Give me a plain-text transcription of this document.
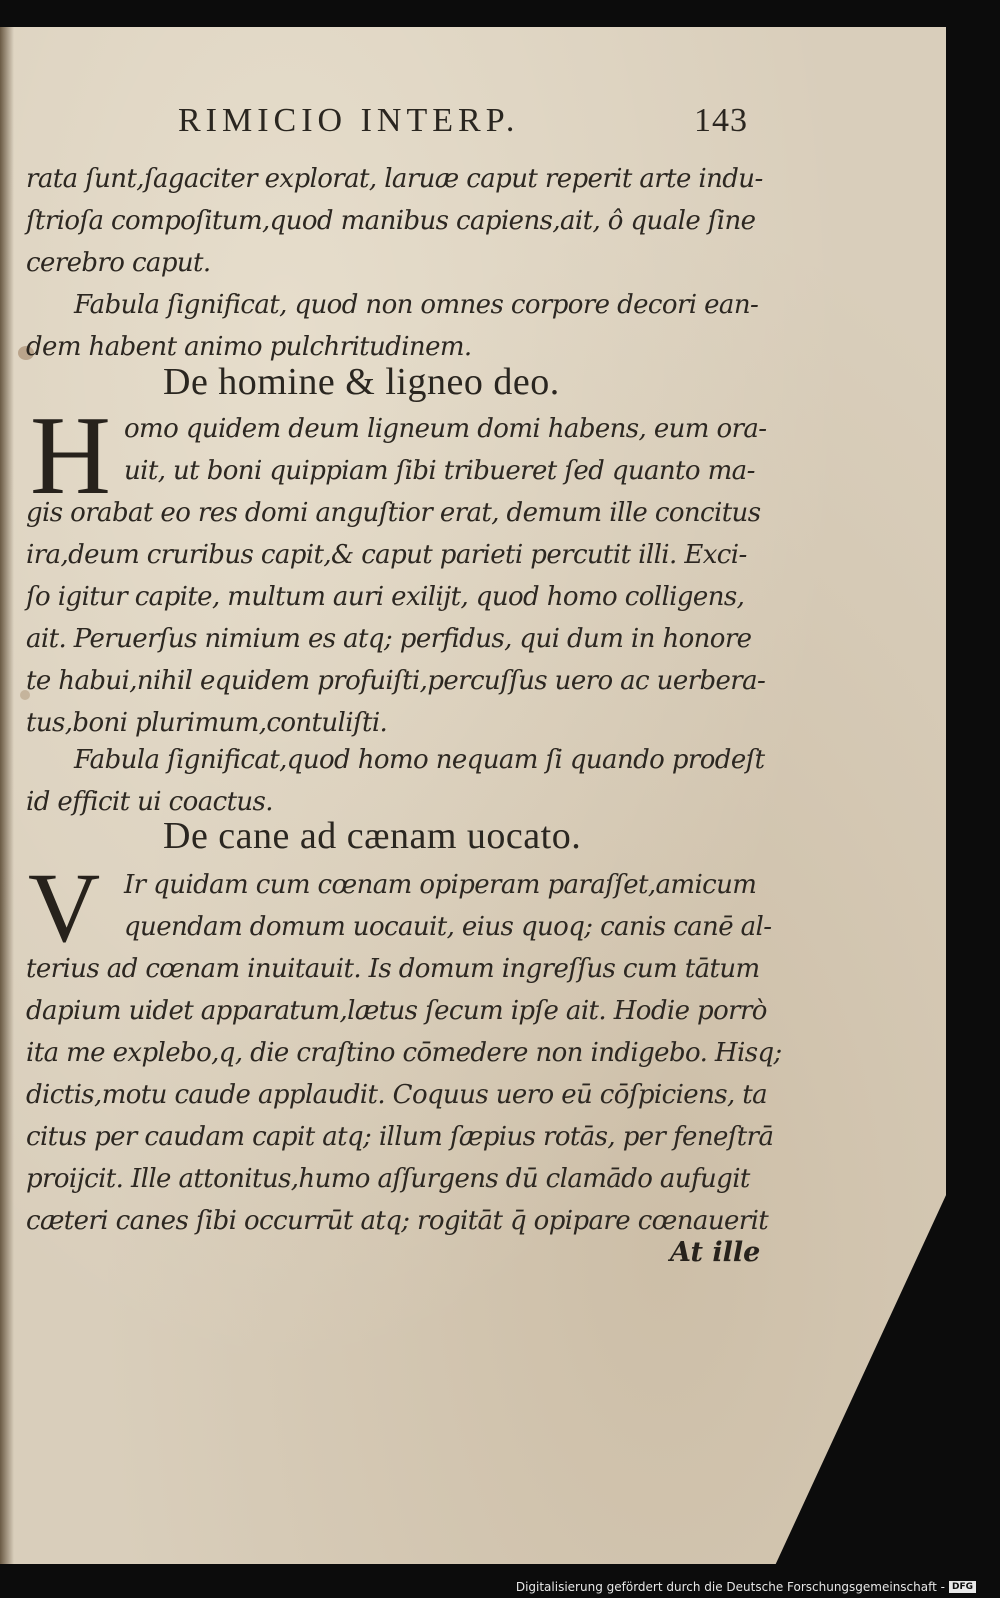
RIMICIO INTERP.	143
rata ſunt,ſagaciter explorat, laruæ caput reperit arte indu-
ſtrioſa compoſitum,quod manibus capiens,ait, ô quale ſine
cerebro caput.
Fabula ſignificat, quod non omnes corpore decori ean-
dem habent animo pulchritudinem.
De homine & ligneo deo.
H omo quidem deum ligneum domi habens, eum ora-
uit, ut boni quippiam ſibi tribueret ſed quanto ma-
gis orabat eo res domi anguſtior erat, demum ille concitus
ira,deum cruribus capit,& caput parieti percutit illi. Exci-
ſo igitur capite, multum auri exilijt, quod homo colligens,
ait. Peruerſus nimium es atq; perfidus, qui dum in honore
te habui,nihil equidem profuiſti,percuſſus uero ac uerbera-
tus,boni plurimum,contuliſti.
Fabula ſignificat,quod homo nequam ſi quando prodeſt
id efficit ui coactus.
De cane ad cænam uocato.
V Ir quidam cum cœnam opiperam paraſſet,amicum
quendam domum uocauit, eius quoq; canis canē al-
terius ad cœnam inuitauit. Is domum ingreſſus cum tātum
dapium uidet apparatum,lætus ſecum ipſe ait. Hodie porrò
ita me explebo,q, die craſtino cōmedere non indigebo. Hisq;
dictis,motu caude applaudit. Coquus uero eū cōſpiciens, ta
citus per caudam capit atq; illum ſæpius rotās, per feneſtrā
proijcit. Ille attonitus,humo aſſurgens dū clamādo aufugit
cæteri canes ſibi occurrūt atq; rogitāt q̄ opipare cœnauerit
At ille
Digitalisierung gefördert durch die Deutsche Forschungsgemeinschaft - DFG
